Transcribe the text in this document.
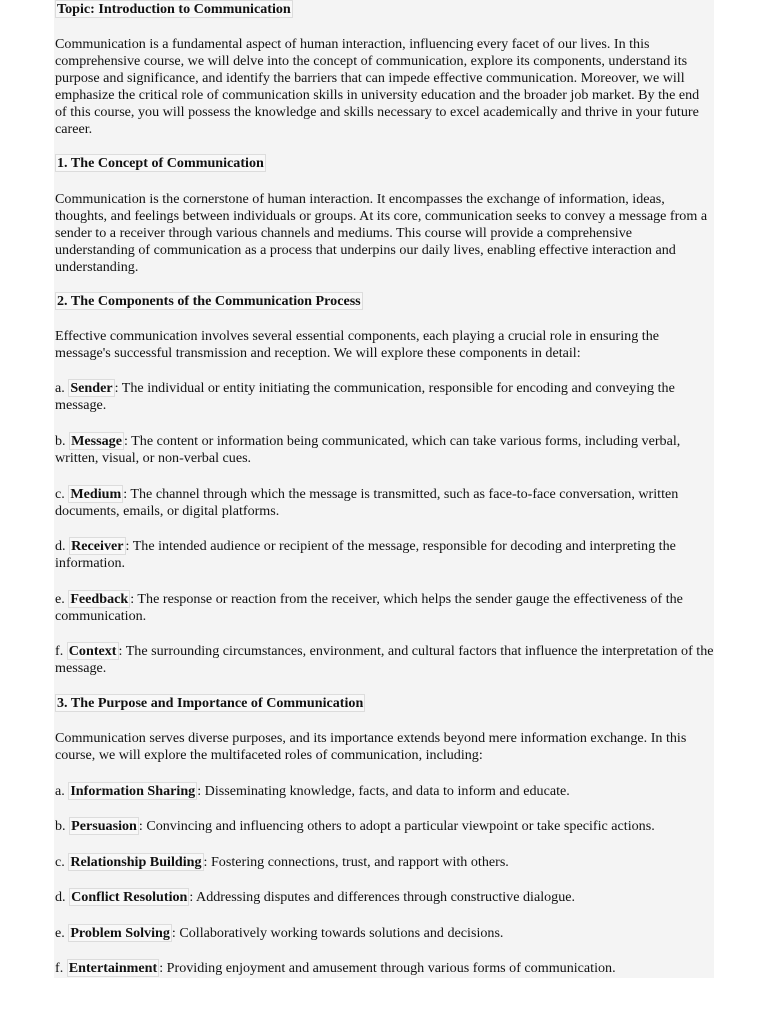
Topic: Introduction to Communication

Communication is a fundamental aspect of human interaction, influencing every facet of our lives. In this comprehensive course, we will delve into the concept of communication, explore its components, understand its purpose and significance, and identify the barriers that can impede effective communication. Moreover, we will emphasize the critical role of communication skills in university education and the broader job market. By the end of this course, you will possess the knowledge and skills necessary to excel academically and thrive in your future career.

1. The Concept of Communication

Communication is the cornerstone of human interaction. It encompasses the exchange of information, ideas, thoughts, and feelings between individuals or groups. At its core, communication seeks to convey a message from a sender to a receiver through various channels and mediums. This course will provide a comprehensive understanding of communication as a process that underpins our daily lives, enabling effective interaction and understanding.

2. The Components of the Communication Process

Effective communication involves several essential components, each playing a crucial role in ensuring the message's successful transmission and reception. We will explore these components in detail:

a. Sender : The individual or entity initiating the communication, responsible for encoding and conveying the message.

b. Message : The content or information being communicated, which can take various forms, including verbal, written, visual, or non-verbal cues.

c. Medium : The channel through which the message is transmitted, such as face-to-face conversation, written documents, emails, or digital platforms.

d. Receiver : The intended audience or recipient of the message, responsible for decoding and interpreting the information.

e. Feedback : The response or reaction from the receiver, which helps the sender gauge the effectiveness of the communication.

f. Context : The surrounding circumstances, environment, and cultural factors that influence the interpretation of the message.

3. The Purpose and Importance of Communication

Communication serves diverse purposes, and its importance extends beyond mere information exchange. In this course, we will explore the multifaceted roles of communication, including:

a. Information Sharing : Disseminating knowledge, facts, and data to inform and educate.

b. Persuasion : Convincing and influencing others to adopt a particular viewpoint or take specific actions.

c. Relationship Building : Fostering connections, trust, and rapport with others.

d. Conflict Resolution : Addressing disputes and differences through constructive dialogue.

e. Problem Solving : Collaboratively working towards solutions and decisions.

f. Entertainment : Providing enjoyment and amusement through various forms of communication.
